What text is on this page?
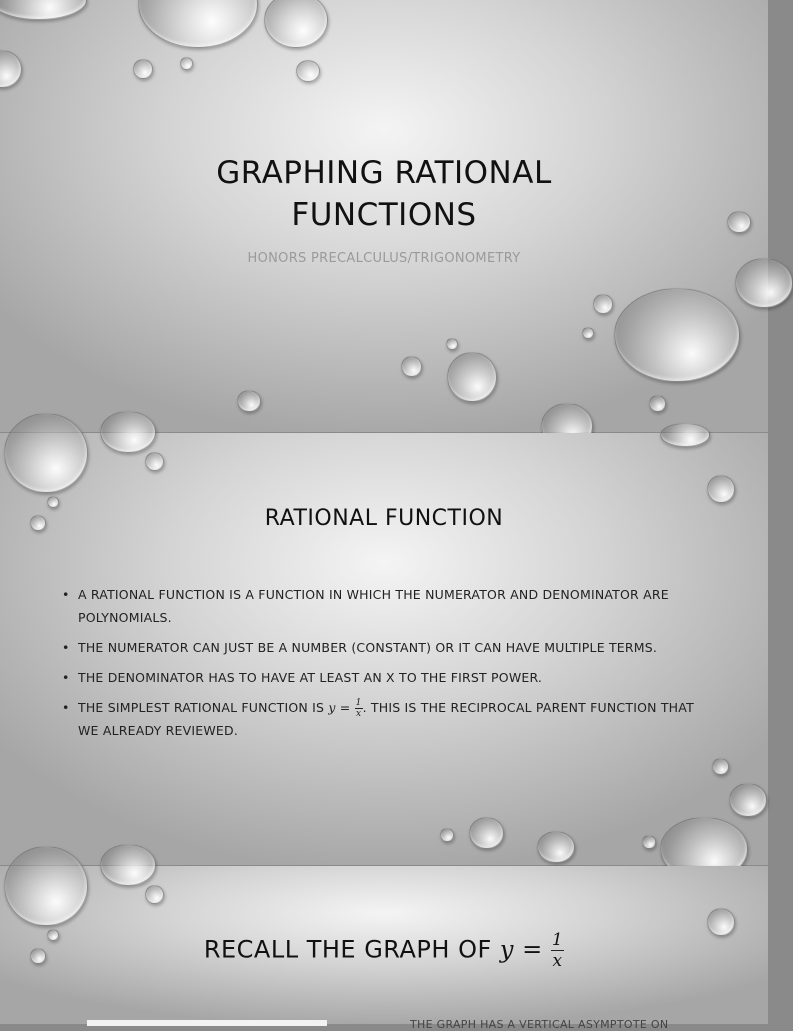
GRAPHING RATIONAL
FUNCTIONS
HONORS PRECALCULUS/TRIGONOMETRY
RATIONAL FUNCTION
• A RATIONAL FUNCTION IS A FUNCTION IN WHICH THE NUMERATOR AND DENOMINATOR ARE POLYNOMIALS.
• THE NUMERATOR CAN JUST BE A NUMBER (CONSTANT) OR IT CAN HAVE MULTIPLE TERMS.
• THE DENOMINATOR HAS TO HAVE AT LEAST AN X TO THE FIRST POWER.
• THE SIMPLEST RATIONAL FUNCTION IS $y = \frac{1}{x}$ . THIS IS THE RECIPROCAL PARENT FUNCTION THAT WE ALREADY REVIEWED.
RECALL THE GRAPH OF $y = \frac{1}{x}$
THE GRAPH HAS A VERTICAL ASYMPTOTE ON
